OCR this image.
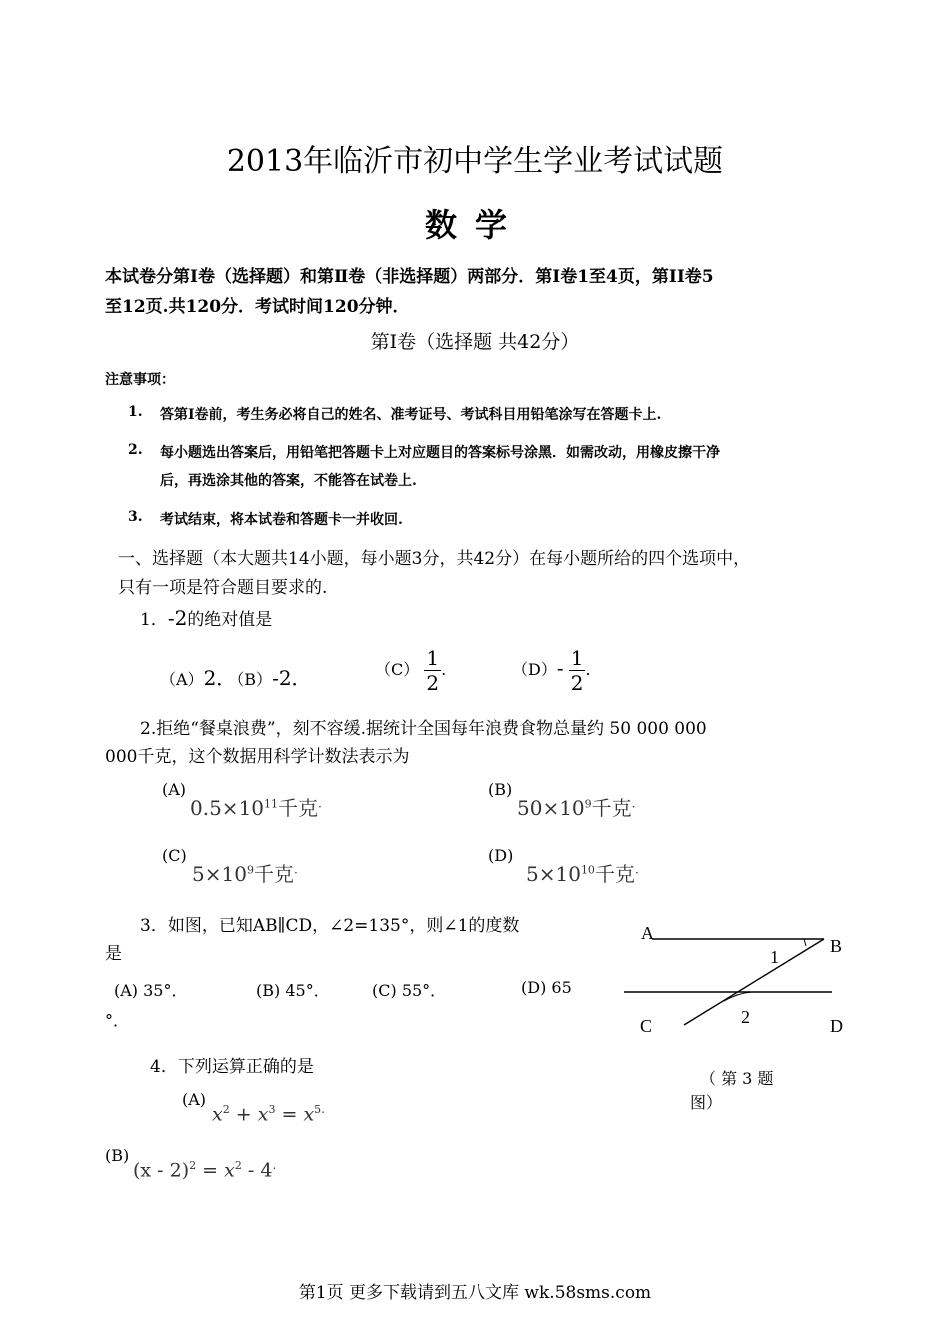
2013年临沂市初中学生学业考试试题
数学
本试卷分第Ⅰ卷（选择题）和第Ⅱ卷（非选择题）两部分．第Ⅰ卷1至4页，第II卷5
至12页.共120分．考试时间120分钟．
第Ⅰ卷（选择题 共42分）
注意事项：
1. 答第Ⅰ卷前，考生务必将自己的姓名、准考证号、考试科目用铅笔涂写在答题卡上.
2. 每小题选出答案后，用铅笔把答题卡上对应题目的答案标号涂黑．如需改动，用橡皮擦干净
后，再选涂其他的答案，不能答在试卷上.
3. 考试结束，将本试卷和答题卡一并收回.
一、选择题（本大题共14小题，每小题3分，共42分）在每小题所给的四个选项中，
只有一项是符合题目要求的.
1．-2的绝对值是
（A）2．（B）-2．	$(C) \frac{1}{2}$ .	$(D)- \frac{1}{2}$ .
2.拒绝“餐桌浪费”，刻不容缓.据统计全国每年浪费食物总量约 50 000 000
000千克，这个数据用科学计数法表示为
(A)
$0.5\times 10^{11}$千克.
(B)
$50\times 10^9$千克.
(C)
$5\times 10^9$千克.
(D)
$5\times 10^{10}$千克.
3．如图，已知AB∥CD，∠2=135°，则∠1的度数
是
(A) 35°．	(B) 45°．	(C) 55°．	(D) 65
°．
A
B
C	D
1
2
（ 第 3 题
图）
4．下列运算正确的是
(A)
$x^2 + x^3 = x^{5.}$
(B)
$(x - 2)^2 = x^2 - 4^.$
第1页 更多下载请到五八文库 wk.58sms.com
